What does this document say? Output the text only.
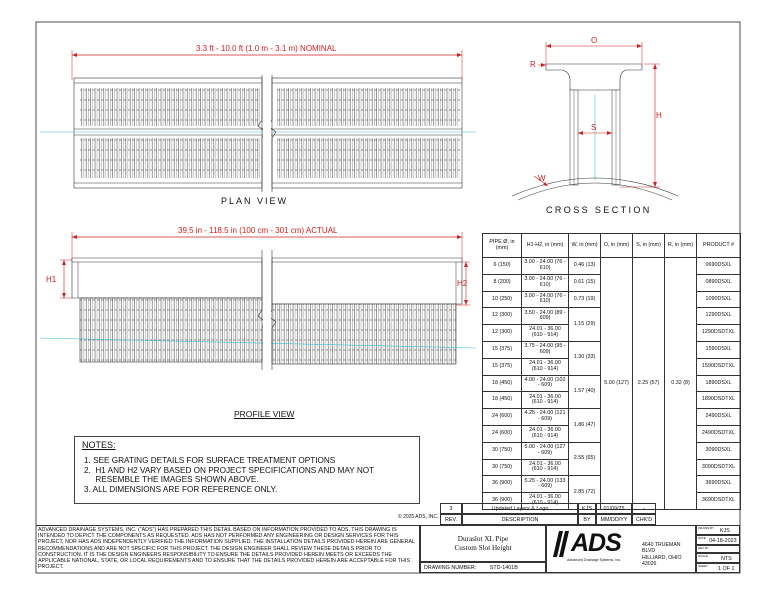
3.3 ft - 10.0 ft (1.0 m - 3.1 m) NOMINAL
PLAN VIEW
39.5 in - 118.5 in (100 cm - 301 cm) ACTUAL
H1	H2
PROFILE VIEW
O
R
H
S
W
CROSS SECTION
PIPE Ø, in (mm)	H1-H2, in (mm)	W, in (mm)	O, in (mm)	S, in (mm)	R, in (mm)	PRODUCT #
6 (150)	3.00 - 24.00 (76 - 610)	0.46 (13)	5.00 (127)	2.25 (57)	0.32 (8)	0690DSXL
8 (200)	3.00 - 24.00 (76 - 610)	0.61 (15)				0890DSXL
10 (250)	3.00 - 24.00 (76 - 610)	0.73 (19)				1090DSXL
12 (300)	3.50 - 24.00 (89 - 609)	1.15 (29)				1290DSXL
12 (300)	24.01 - 36.00 (610 - 914)					1290DSDTXL
15 (375)	3.75 - 24.00 (95 - 609)	1.30 (33)				1590DSXL
15 (375)	24.01 - 36.00 (610 - 914)					1590DSDTXL
18 (450)	4.00 - 24.00 (102 - 609)	1.57 (40)				1890DSXL
18 (450)	24.01 - 36.00 (610 - 914)					1890DSDTXL
24 (600)	4.25 - 24.00 (121 - 609)	1.86 (47)				2490DSXL
24 (600)	24.01 - 36.00 (610 - 914)					2490DSDTXL
30 (750)	5.00 - 24.00 (127 - 609)	2.55 (65)				3090DSXL
30 (750)	24.01 - 36.00 (610 - 914)					3090DSDTXL
36 (900)	5.25 - 24.00 (133 - 609)	2.85 (72)				3690DSXL
36 (900)	24.01 - 36.00 (610 - 914)					3690DSDTXL
NOTES:
1. SEE GRATING DETAILS FOR SURFACE TREATMENT OPTIONS
2.  H1 AND H2 VARY BASED ON PROJECT SPECIFICATIONS AND MAY NOT
RESEMBLE THE IMAGES SHOWN ABOVE.
3. ALL DIMENSIONS ARE FOR REFERENCE ONLY.
3	Updated Layers & Logo	KJS	01/09/25	-
REV.	DESCRIPTION	BY	MM/DD/YY	CHK'D
© 2025 ADS, INC.
ADVANCED DRAINAGE SYSTEMS, INC. ("ADS") HAS PREPARED THIS DETAIL BASED ON INFORMATION PROVIDED TO ADS. THIS DRAWING IS INTENDED TO DEPICT THE COMPONENTS AS REQUESTED. ADS HAS NOT PERFORMED ANY ENGINEERING OR DESIGN SERVICES FOR THIS PROJECT, NOR HAS ADS INDEPENDENTLY VERIFIED THE INFORMATION SUPPLIED. THE INSTALLATION DETAILS PROVIDED HEREIN ARE GENERAL RECOMMENDATIONS AND ARE NOT SPECIFIC FOR THIS PROJECT. THE DESIGN ENGINEER SHALL REVIEW THESE DETAILS PRIOR TO CONSTRUCTION. IT IS THE DESIGN ENGINEERS RESPONSIBILITY TO ENSURE THE DETAILS PROVIDED HEREIN MEETS OR EXCEEDS THE APPLICABLE NATIONAL, STATE, OR LOCAL REQUIREMENTS AND TO ENSURE THAT THE DETAILS PROVIDED HEREIN ARE ACCEPTABLE FOR THIS PROJECT.
Duraslot XL Pipe
Custom Slot Height
DRAWING NUMBER:	STD-1401B
ADS
Advanced Drainage Systems, Inc.
4640 TRUEMAN BLVD
HILLIARD, OHIO 43026
DRAWN BY KJS
DATE 04-18-2023
REV BY
SCALE NTS
SHEET 1 OF 1
